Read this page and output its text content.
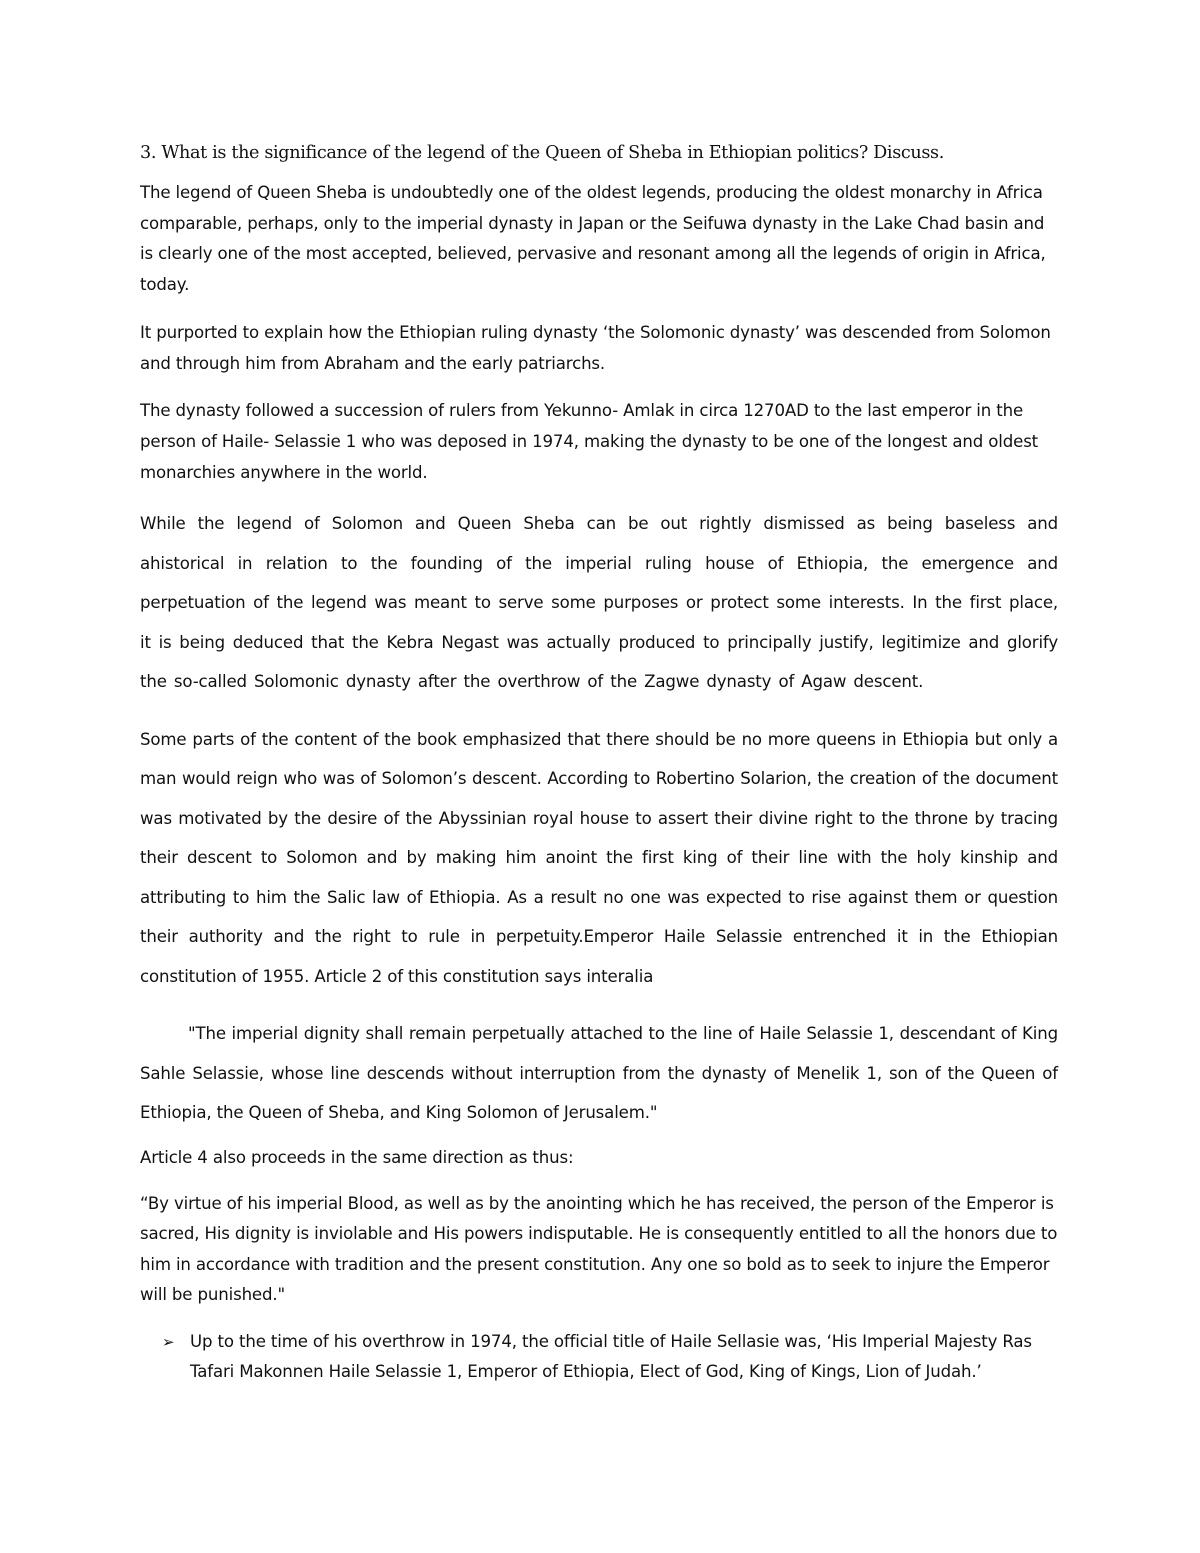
3. What is the significance of the legend of the Queen of Sheba in Ethiopian politics? Discuss.

The legend of Queen Sheba is undoubtedly one of the oldest legends, producing the oldest monarchy in Africa comparable, perhaps, only to the imperial dynasty in Japan or the Seifuwa dynasty in the Lake Chad basin and is clearly one of the most accepted, believed, pervasive and resonant among all the legends of origin in Africa, today.

It purported to explain how the Ethiopian ruling dynasty ‘the Solomonic dynasty’ was descended from Solomon and through him from Abraham and the early patriarchs.

The dynasty followed a succession of rulers from Yekunno- Amlak in circa 1270AD to the last emperor in the person of Haile- Selassie 1 who was deposed in 1974, making the dynasty to be one of the longest and oldest monarchies anywhere in the world.

While the legend of Solomon and Queen Sheba can be out rightly dismissed as being baseless and ahistorical in relation to the founding of the imperial ruling house of Ethiopia, the emergence and perpetuation of the legend was meant to serve some purposes or protect some interests. In the first place, it is being deduced that the Kebra Negast was actually produced to principally justify, legitimize and glorify the so-called Solomonic dynasty after the overthrow of the Zagwe dynasty of Agaw descent.

Some parts of the content of the book emphasized that there should be no more queens in Ethiopia but only a man would reign who was of Solomon’s descent. According to Robertino Solarion, the creation of the document was motivated by the desire of the Abyssinian royal house to assert their divine right to the throne by tracing their descent to Solomon and by making him anoint the first king of their line with the holy kinship and attributing to him the Salic law of Ethiopia. As a result no one was expected to rise against them or question their authority and the right to rule in perpetuity.Emperor Haile Selassie entrenched it in the Ethiopian constitution of 1955. Article 2 of this constitution says interalia

"The imperial dignity shall remain perpetually attached to the line of Haile Selassie 1, descendant of King Sahle Selassie, whose line descends without interruption from the dynasty of Menelik 1, son of the Queen of Ethiopia, the Queen of Sheba, and King Solomon of Jerusalem."

Article 4 also proceeds in the same direction as thus:

“By virtue of his imperial Blood, as well as by the anointing which he has received, the person of the Emperor is sacred, His dignity is inviolable and His powers indisputable. He is consequently entitled to all the honors due to him in accordance with tradition and the present constitution. Any one so bold as to seek to injure the Emperor will be punished."

➢ Up to the time of his overthrow in 1974, the official title of Haile Sellasie was, ‘His Imperial Majesty Ras Tafari Makonnen Haile Selassie 1, Emperor of Ethiopia, Elect of God, King of Kings, Lion of Judah.’
